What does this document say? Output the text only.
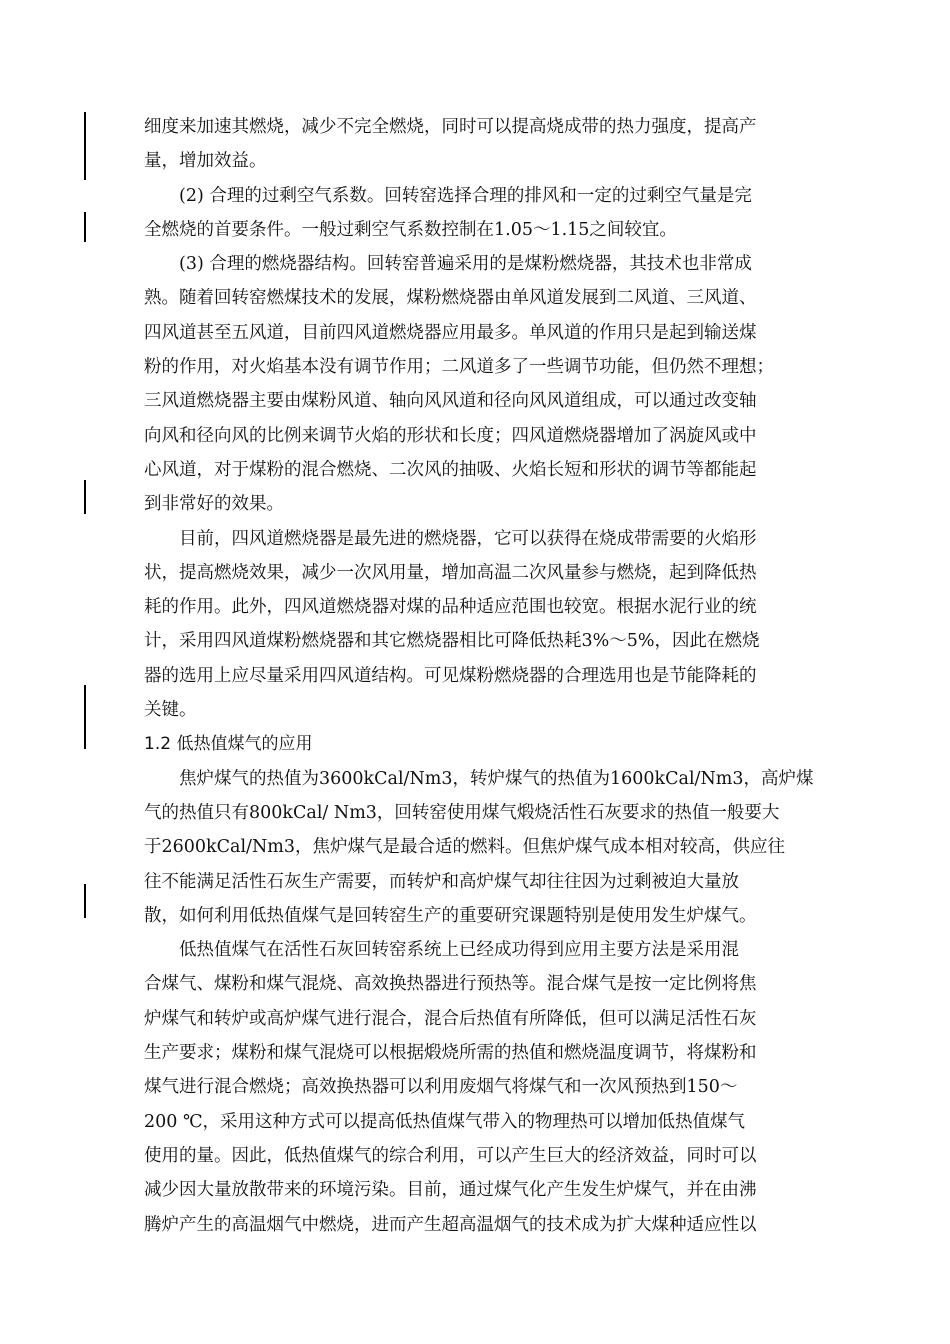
细度来加速其燃烧，减少不完全燃烧，同时可以提高烧成带的热力强度，提高产
量，增加效益。
　　(2) 合理的过剩空气系数。回转窑选择合理的排风和一定的过剩空气量是完
全燃烧的首要条件。一般过剩空气系数控制在1.05～1.15之间较宜。
　　(3) 合理的燃烧器结构。回转窑普遍采用的是煤粉燃烧器，其技术也非常成
熟。随着回转窑燃煤技术的发展，煤粉燃烧器由单风道发展到二风道、三风道、
四风道甚至五风道，目前四风道燃烧器应用最多。单风道的作用只是起到输送煤
粉的作用，对火焰基本没有调节作用；二风道多了一些调节功能，但仍然不理想；
三风道燃烧器主要由煤粉风道、轴向风风道和径向风风道组成，可以通过改变轴
向风和径向风的比例来调节火焰的形状和长度；四风道燃烧器增加了涡旋风或中
心风道，对于煤粉的混合燃烧、二次风的抽吸、火焰长短和形状的调节等都能起
到非常好的效果。
　　目前，四风道燃烧器是最先进的燃烧器，它可以获得在烧成带需要的火焰形
状，提高燃烧效果，减少一次风用量，增加高温二次风量参与燃烧，起到降低热
耗的作用。此外，四风道燃烧器对煤的品种适应范围也较宽。根据水泥行业的统
计，采用四风道煤粉燃烧器和其它燃烧器相比可降低热耗3%～5%，因此在燃烧
器的选用上应尽量采用四风道结构。可见煤粉燃烧器的合理选用也是节能降耗的
关键。
1.2 低热值煤气的应用
　　焦炉煤气的热值为3600kCal/Nm3，转炉煤气的热值为1600kCal/Nm3，高炉煤
气的热值只有800kCal/ Nm3，回转窑使用煤气煅烧活性石灰要求的热值一般要大
于2600kCal/Nm3，焦炉煤气是最合适的燃料。但焦炉煤气成本相对较高，供应往
往不能满足活性石灰生产需要，而转炉和高炉煤气却往往因为过剩被迫大量放
散，如何利用低热值煤气是回转窑生产的重要研究课题特别是使用发生炉煤气。
　　低热值煤气在活性石灰回转窑系统上已经成功得到应用主要方法是采用混
合煤气、煤粉和煤气混烧、高效换热器进行预热等。混合煤气是按一定比例将焦
炉煤气和转炉或高炉煤气进行混合，混合后热值有所降低，但可以满足活性石灰
生产要求；煤粉和煤气混烧可以根据煅烧所需的热值和燃烧温度调节，将煤粉和
煤气进行混合燃烧；高效换热器可以利用废烟气将煤气和一次风预热到150～
200 ℃，采用这种方式可以提高低热值煤气带入的物理热可以增加低热值煤气
使用的量。因此，低热值煤气的综合利用，可以产生巨大的经济效益，同时可以
减少因大量放散带来的环境污染。目前，通过煤气化产生发生炉煤气，并在由沸
腾炉产生的高温烟气中燃烧，进而产生超高温烟气的技术成为扩大煤种适应性以
